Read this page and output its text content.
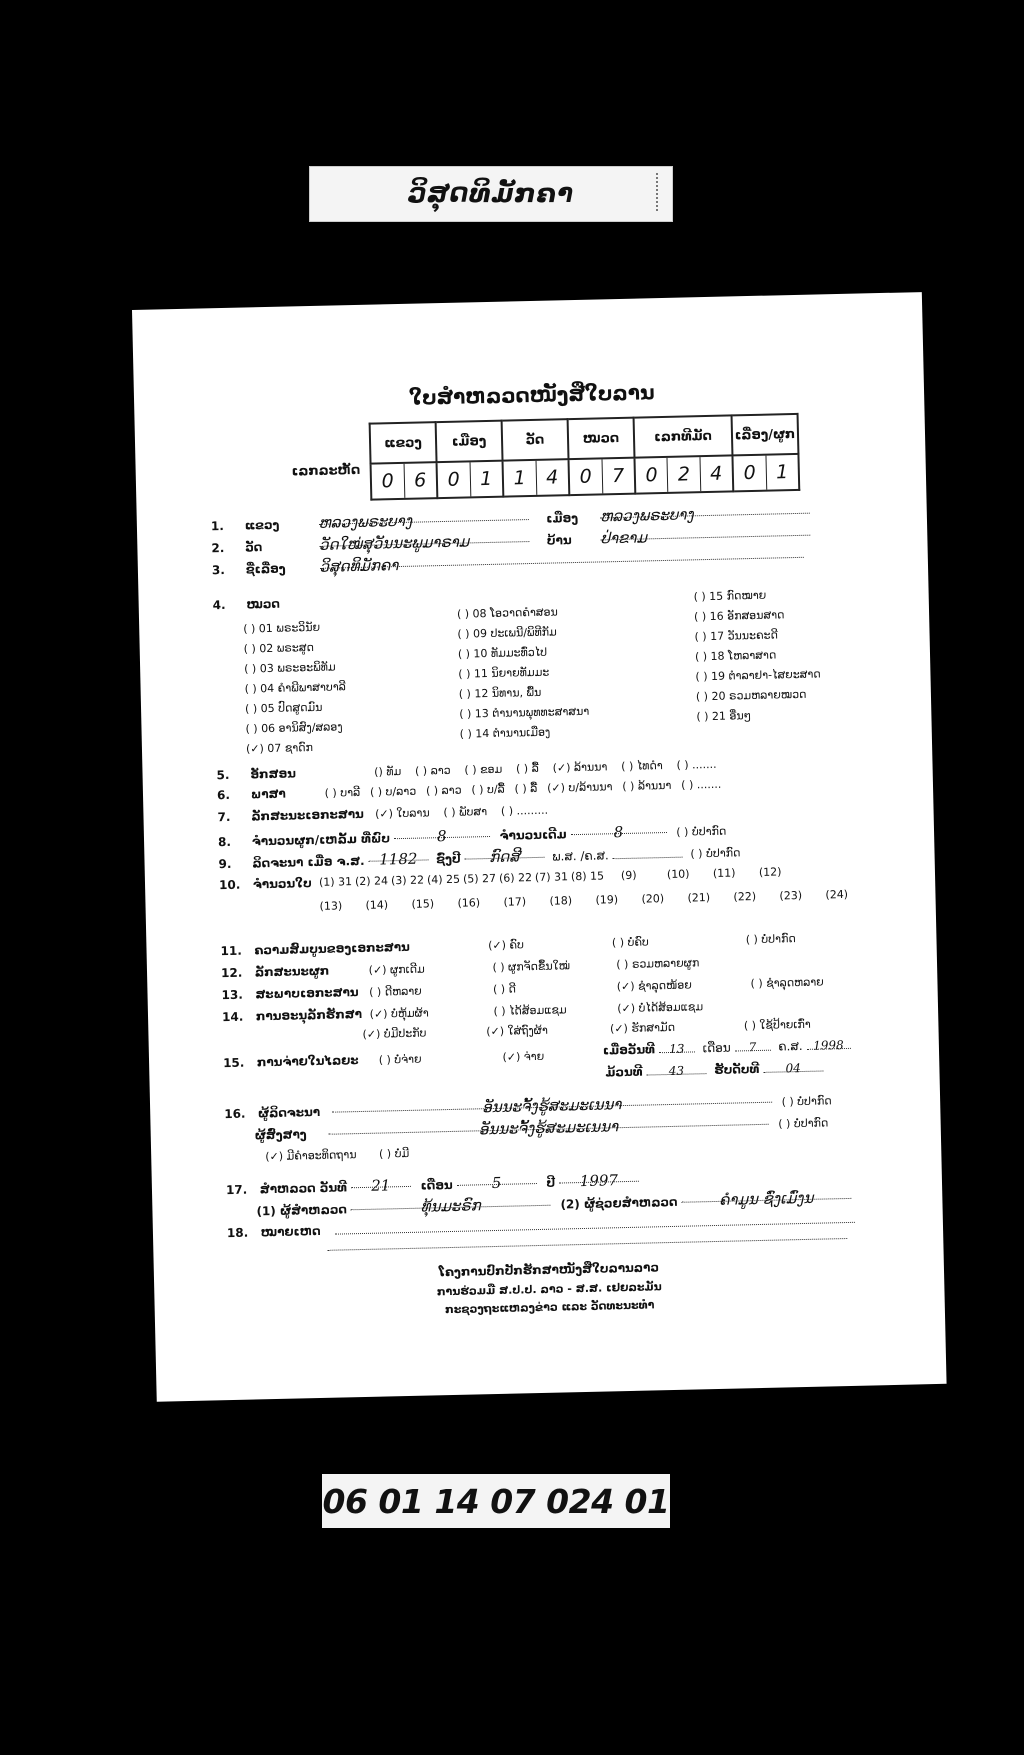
ວິສຸດທິມັກຄາ
ໃບສຳຫລວດໜັງສືໃບລານ
ເລກລະຫັດ
ແຂວງ	ເມືອງ	ວັດ	ໝວດ	ເລກທີມັດ	ເລື່ອງ/ຜູກ

0 6	0 1	1 4	0 7	0 2 4	0 1
1. ແຂວງ	ຫລວງພຣະບາງ	ເມືອງ ຫລວງພຣະບາງ
2. ວັດ	ວັດໃໝ່ສຸວັນນະພູມາຣາມ	ບ້ານ ປ່າຂາມ
3. ຊື່ເລື່ອງ ວິສຸດທິມັກຄາ
4. ໝວດ
( ) 01 ພຣະວິນັຍ
( ) 02 ພຣະສູດ
( ) 03 ພຣະອະພິທັມ
( ) 04 ຄຳພີພາສາບາລີ
( ) 05 ປົດສູດມົນ
( ) 06 ອານິສົງ/ສລອງ
(✓) 07 ຊາດົກ
( ) 08 ໂອວາດຄຳສອນ
( ) 09 ປະເພນີ/ພິທີກັມ
( ) 10 ທັມມະທົ່ວໄປ
( ) 11 ນິຍາຍທັມມະ
( ) 12 ນິທານ, ພື້ນ
( ) 13 ຕຳນານພຸທທະສາສນາ
( ) 14 ຕຳນານເມືອງ
( ) 15 ກົດໝາຍ
( ) 16 ອັກສອນສາດ
( ) 17 ວັນນະຄະດີ
( ) 18 ໂຫລາສາດ
( ) 19 ຕຳລາຢາ-ໄສຍະສາດ
( ) 20 ຣວມຫລາຍໝວດ
( ) 21 ອື່ນໆ
5. ອັກສອນ	(​) ທັມ ( ) ລາວ ( ) ຂອມ ( ) ລື້ (✓) ລ້ານນາ ( ) ໄທດຳ ( ) .......
6. ພາສາ	( ) ບາລີ ( ) ບ/ລາວ ( ) ລາວ ( ) ບ/ລື້ ( ) ລື້ (✓) ບ/ລ້ານນາ ( ) ລ້ານນາ ( ) .......
7. ລັກສະນະເອກະສານ (✓) ໃບລານ ( ) ພັບສາ ( ) .........
8. ຈຳນວນຜູກ/ເຫລັ້ມ ທີ່ພົບ	8	ຈຳນວນເດີມ	8	( ) ບໍ່ປາກົດ
9. ລິດຈະນາ ເມື່ອ ຈ.ສ. 1182 ຊົ່ງປີ ກົດສີ	ພ.ສ. /ຄ.ສ.	( ) ບໍ່ປາກົດ
10. ຈຳນວນໃບ (1) 31 (2) 24 (3) 22 (4) 25 (5) 27 (6) 22 (7) 31 (8) 15	(9)	(10)	(11)	(12)
(13)	(14)	(15)	(16)	(17)	(18)	(19)	(20)	(21)	(22)	(23)	(24)
11. ຄວາມສົມບູນຂອງເອກະສານ	(✓) ຄົບ	( ) ບໍ່ຄົບ	( ) ບໍ່ປາກົດ
12. ລັກສະນະຜູກ	(✓) ຜູກເດີມ	( ) ຜູກຈັດຂຶ້ນໃໝ່	( ) ຣວມຫລາຍຜູກ
13. ສະພາບເອກະສານ ( ) ດີຫລາຍ	( ) ດີ	(✓) ຊຳລຸດໜ້ອຍ	( ) ຊຳລຸດຫລາຍ
14. ການອະນຸລັກຮັກສາ (✓) ບໍ່ຫຸ້ມຜ້າ	( ) ໄດ້ສ້ອມແຊມ	(✓) ບໍ່ໄດ້ສ້ອມແຊມ
(✓) ບໍ່ມີປະກັບ	(✓) ໃສ່ຖົງຜ້າ	(✓) ຮັກສາມັດ	( ) ໃຊ້ປ້າຍເກົ່າ
ເມື່ອວັນທີ 13 ເດືອນ 7 ຄ.ສ. 1998
15. ການຈ່າຍໃນໄລຍະ ( ) ບໍ່ຈ່າຍ	(✓) ຈ່າຍ
ມ້ວນທີ 43 ຮັບດັບທີ 04
16. ຜູ້ລິດຈະນາ	ອັນນະຈັ້ງຮູ້ສະມະເນນາ	( ) ບໍ່ປາກົດ
ຜູ້ສົ່ງສາງ	ອັນນະຈັ້ງຮູ້ສະມະເນນາ	( ) ບໍ່ປາກົດ
(✓) ມີຄຳອະທິດຖານ ( ) ບໍ່ມີ
17. ສຳຫລວດ ວັນທີ 21 ເດືອນ	5	ປີ 1997
(1) ຜູ້ສຳຫລວດ	ທຸ້ນມະຣົກ	(2) ຜູ້ຊ່ວຍສຳຫລວດ	ຄຳມູນ ຊົ່ງເມົ່ງນ
18. ໝາຍເຫດ
ໂຄງການປົກປັກຮັກສາໜັງສືໃບລານລາວ
ການຮ່ວມມື ສ.ປ.ປ. ລາວ - ສ.ສ. ເຢຍລະມັນ
ກະຊວງຖະແຫລງຂ່າວ ແລະ ວັດທະນະທຳ
06 01 14 07 024 01
